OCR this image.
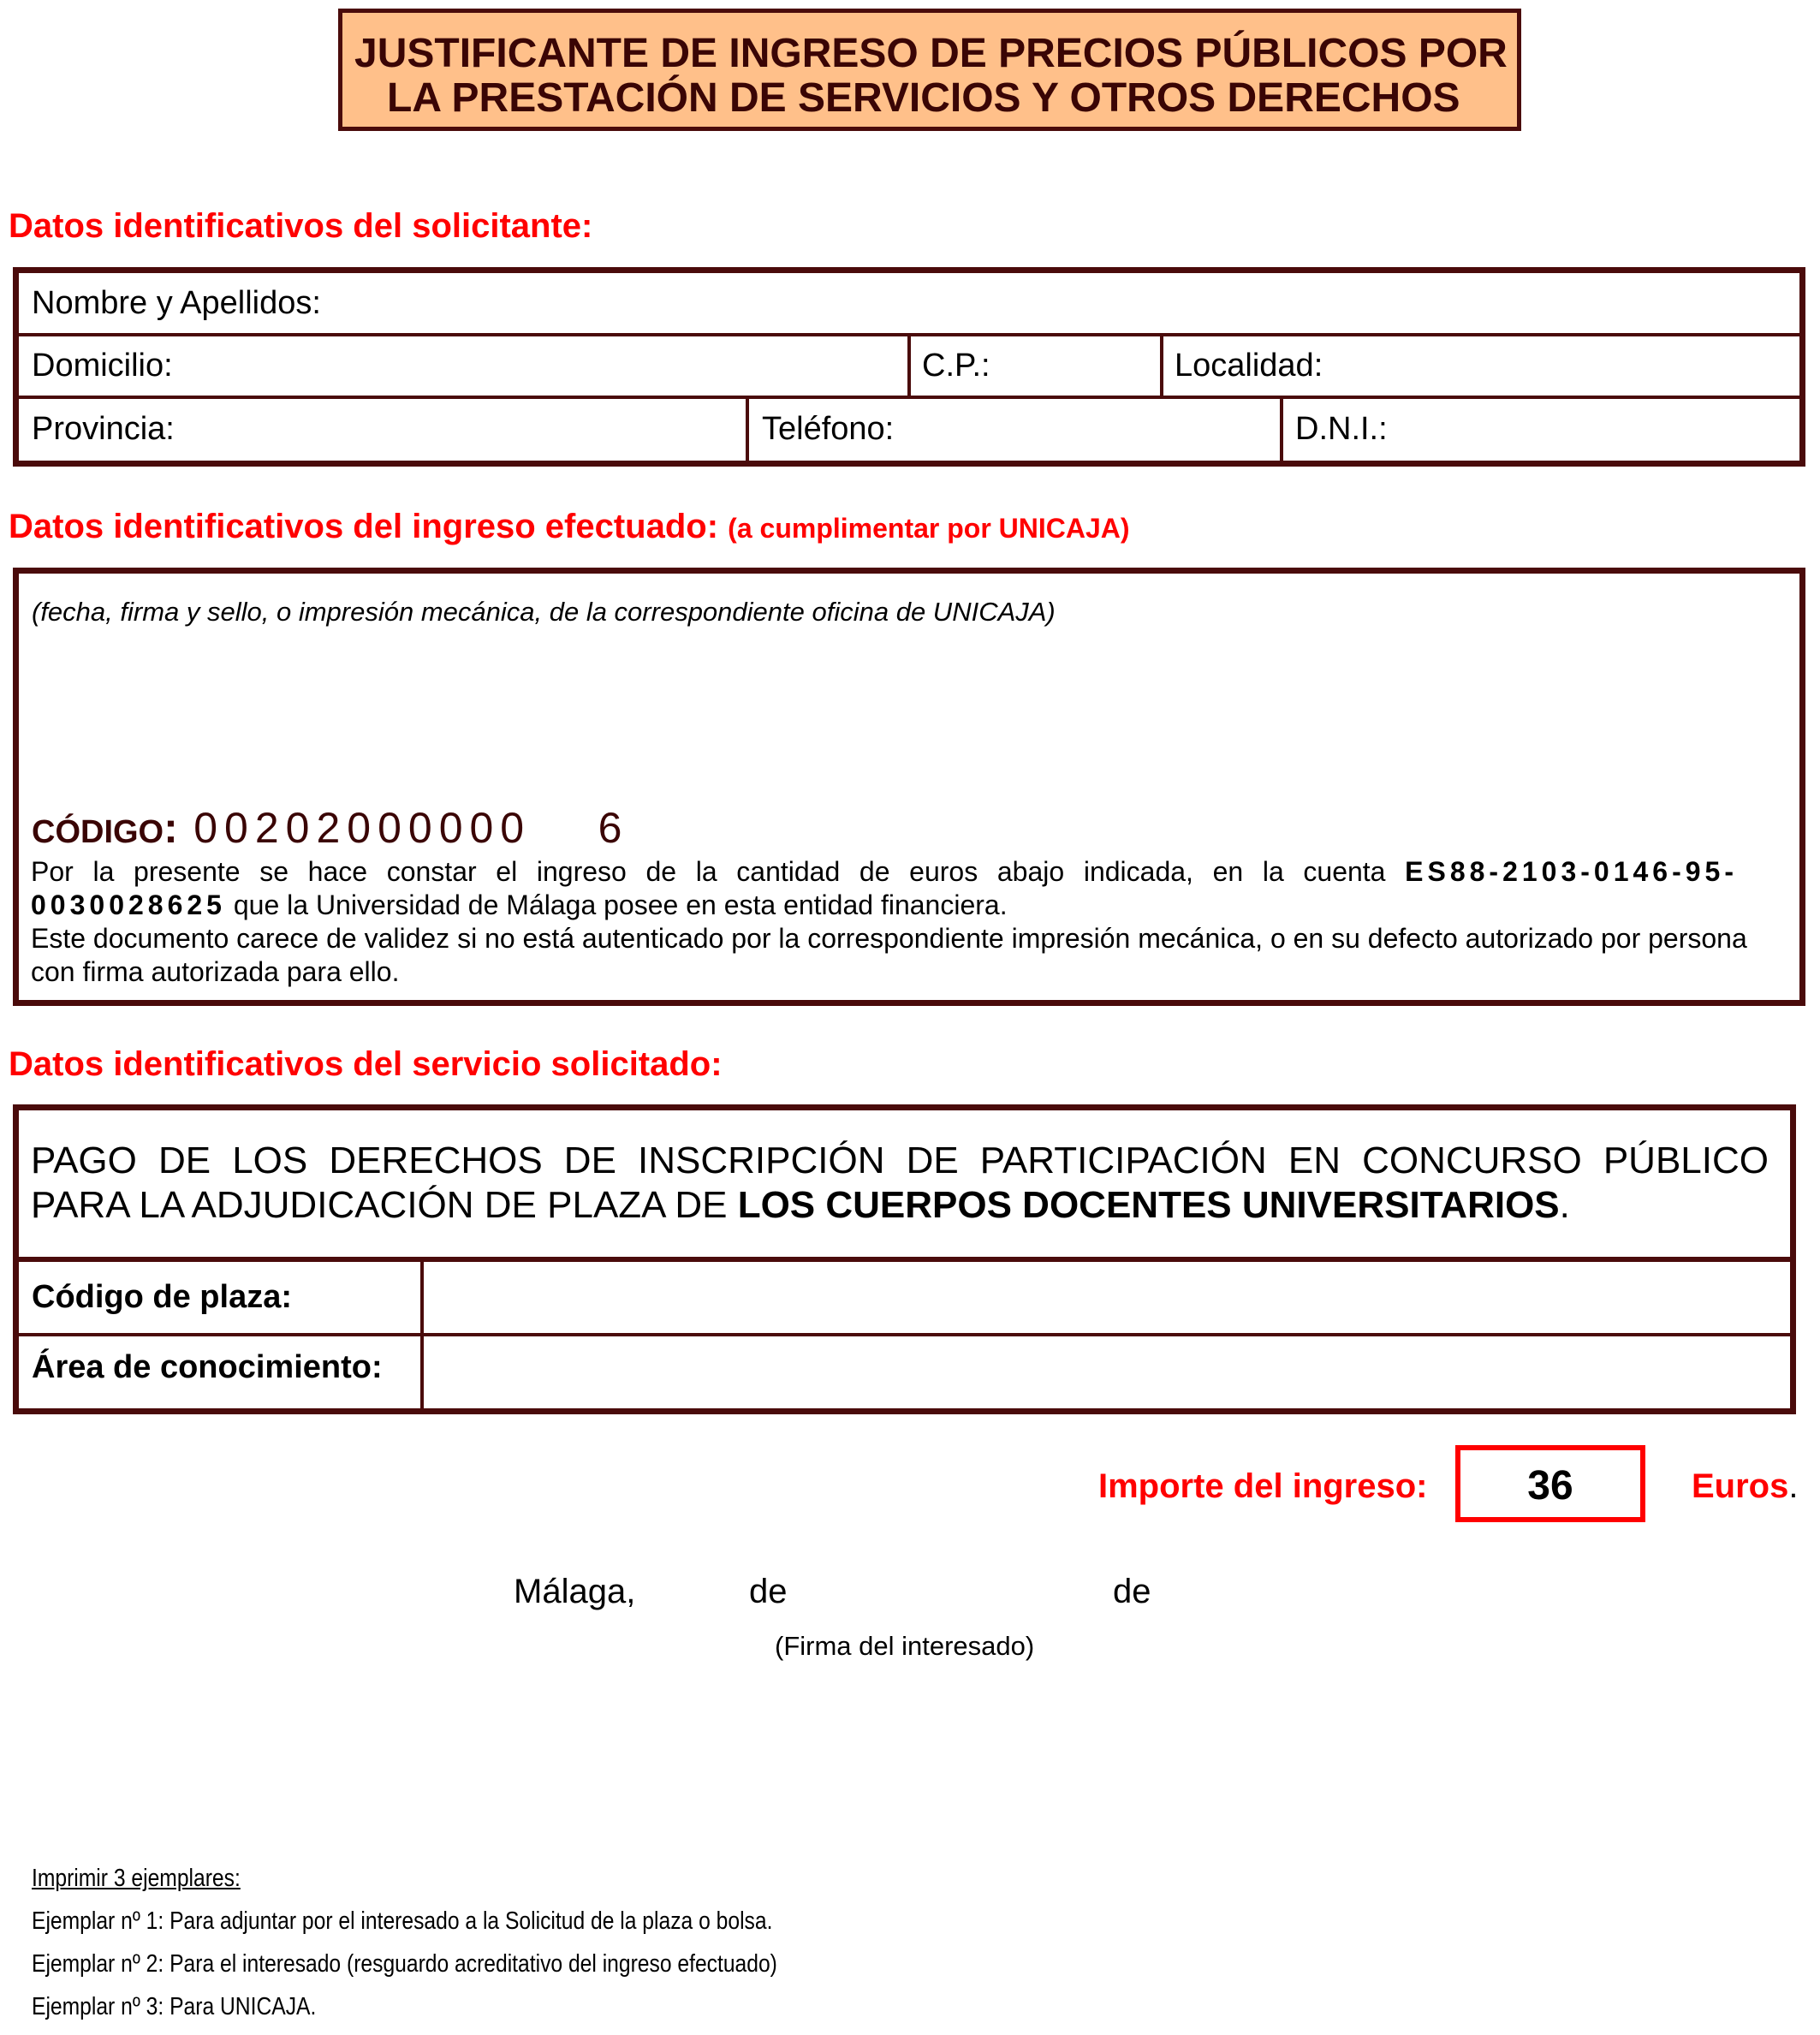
JUSTIFICANTE DE INGRESO DE PRECIOS PÚBLICOS POR
LA PRESTACIÓN DE SERVICIOS Y OTROS DERECHOS
Datos identificativos del solicitante:
Nombre y Apellidos:
Domicilio:	C.P.:	Localidad:
Provincia:	Teléfono:	D.N.I.:
Datos identificativos del ingreso efectuado: (a cumplimentar por UNICAJA)
(fecha, firma y sello, o impresión mecánica, de la correspondiente oficina de UNICAJA)
CÓDIGO: 00202000000 6
Por la presente se hace constar el ingreso de la cantidad de euros abajo indicada, en la cuenta ES88-2103-0146-95-
0030028625 que la Universidad de Málaga posee en esta entidad financiera.
Este documento carece de validez si no está autenticado por la correspondiente impresión mecánica, o en su defecto autorizado por persona
con firma autorizada para ello.
Datos identificativos del servicio solicitado:
PAGO DE LOS DERECHOS DE INSCRIPCIÓN DE PARTICIPACIÓN EN CONCURSO PÚBLICO
PARA LA ADJUDICACIÓN DE PLAZA DE LOS CUERPOS DOCENTES UNIVERSITARIOS.
Código de plaza:
Área de conocimiento:
Importe del ingreso:	36	Euros.
Málaga,	de	de
(Firma del interesado)
Imprimir 3 ejemplares:
Ejemplar nº 1: Para adjuntar por el interesado a la Solicitud de la plaza o bolsa.
Ejemplar nº 2: Para el interesado (resguardo acreditativo del ingreso efectuado)
Ejemplar nº 3: Para UNICAJA.
